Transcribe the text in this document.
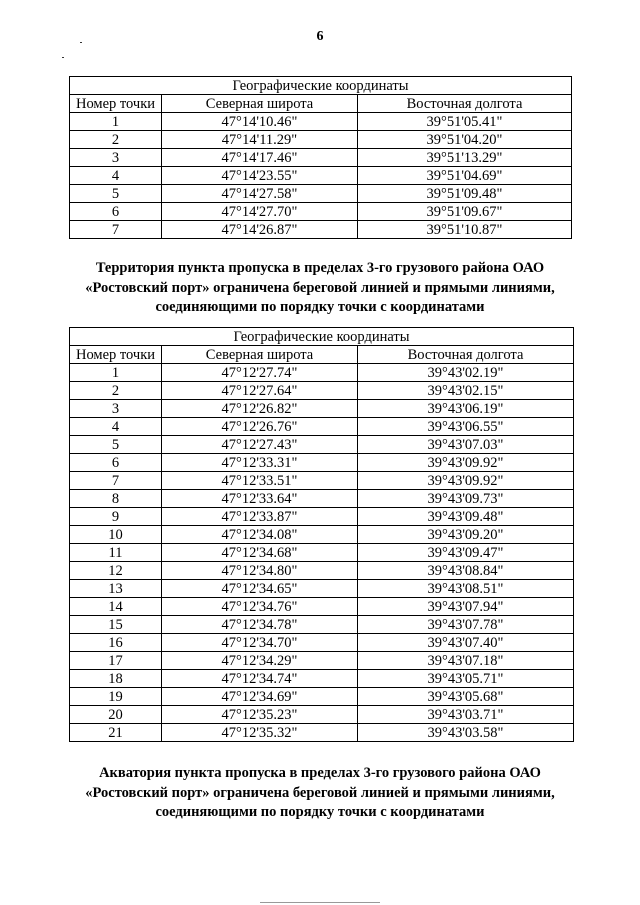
6
Географические координаты		
Номер точки	Северная широта	Восточная долгота
1	47°14'10.46"	39°51'05.41"
2	47°14'11.29"	39°51'04.20"
3	47°14'17.46"	39°51'13.29"
4	47°14'23.55"	39°51'04.69"
5	47°14'27.58"	39°51'09.48"
6	47°14'27.70"	39°51'09.67"
7	47°14'26.87"	39°51'10.87"
Территория пункта пропуска в пределах 3-го грузового района ОАО «Ростовский порт» ограничена береговой линией и прямыми линиями, соединяющими по порядку точки с координатами
Географические координаты		
Номер точки	Северная широта	Восточная долгота
1	47°12'27.74"	39°43'02.19"
2	47°12'27.64"	39°43'02.15"
3	47°12'26.82"	39°43'06.19"
4	47°12'26.76"	39°43'06.55"
5	47°12'27.43"	39°43'07.03"
6	47°12'33.31"	39°43'09.92"
7	47°12'33.51"	39°43'09.92"
8	47°12'33.64"	39°43'09.73"
9	47°12'33.87"	39°43'09.48"
10	47°12'34.08"	39°43'09.20"
11	47°12'34.68"	39°43'09.47"
12	47°12'34.80"	39°43'08.84"
13	47°12'34.65"	39°43'08.51"
14	47°12'34.76"	39°43'07.94"
15	47°12'34.78"	39°43'07.78"
16	47°12'34.70"	39°43'07.40"
17	47°12'34.29"	39°43'07.18"
18	47°12'34.74"	39°43'05.71"
19	47°12'34.69"	39°43'05.68"
20	47°12'35.23"	39°43'03.71"
21	47°12'35.32"	39°43'03.58"
Акватория пункта пропуска в пределах 3-го грузового района ОАО «Ростовский порт» ограничена береговой линией и прямыми линиями, соединяющими по порядку точки с координатами
